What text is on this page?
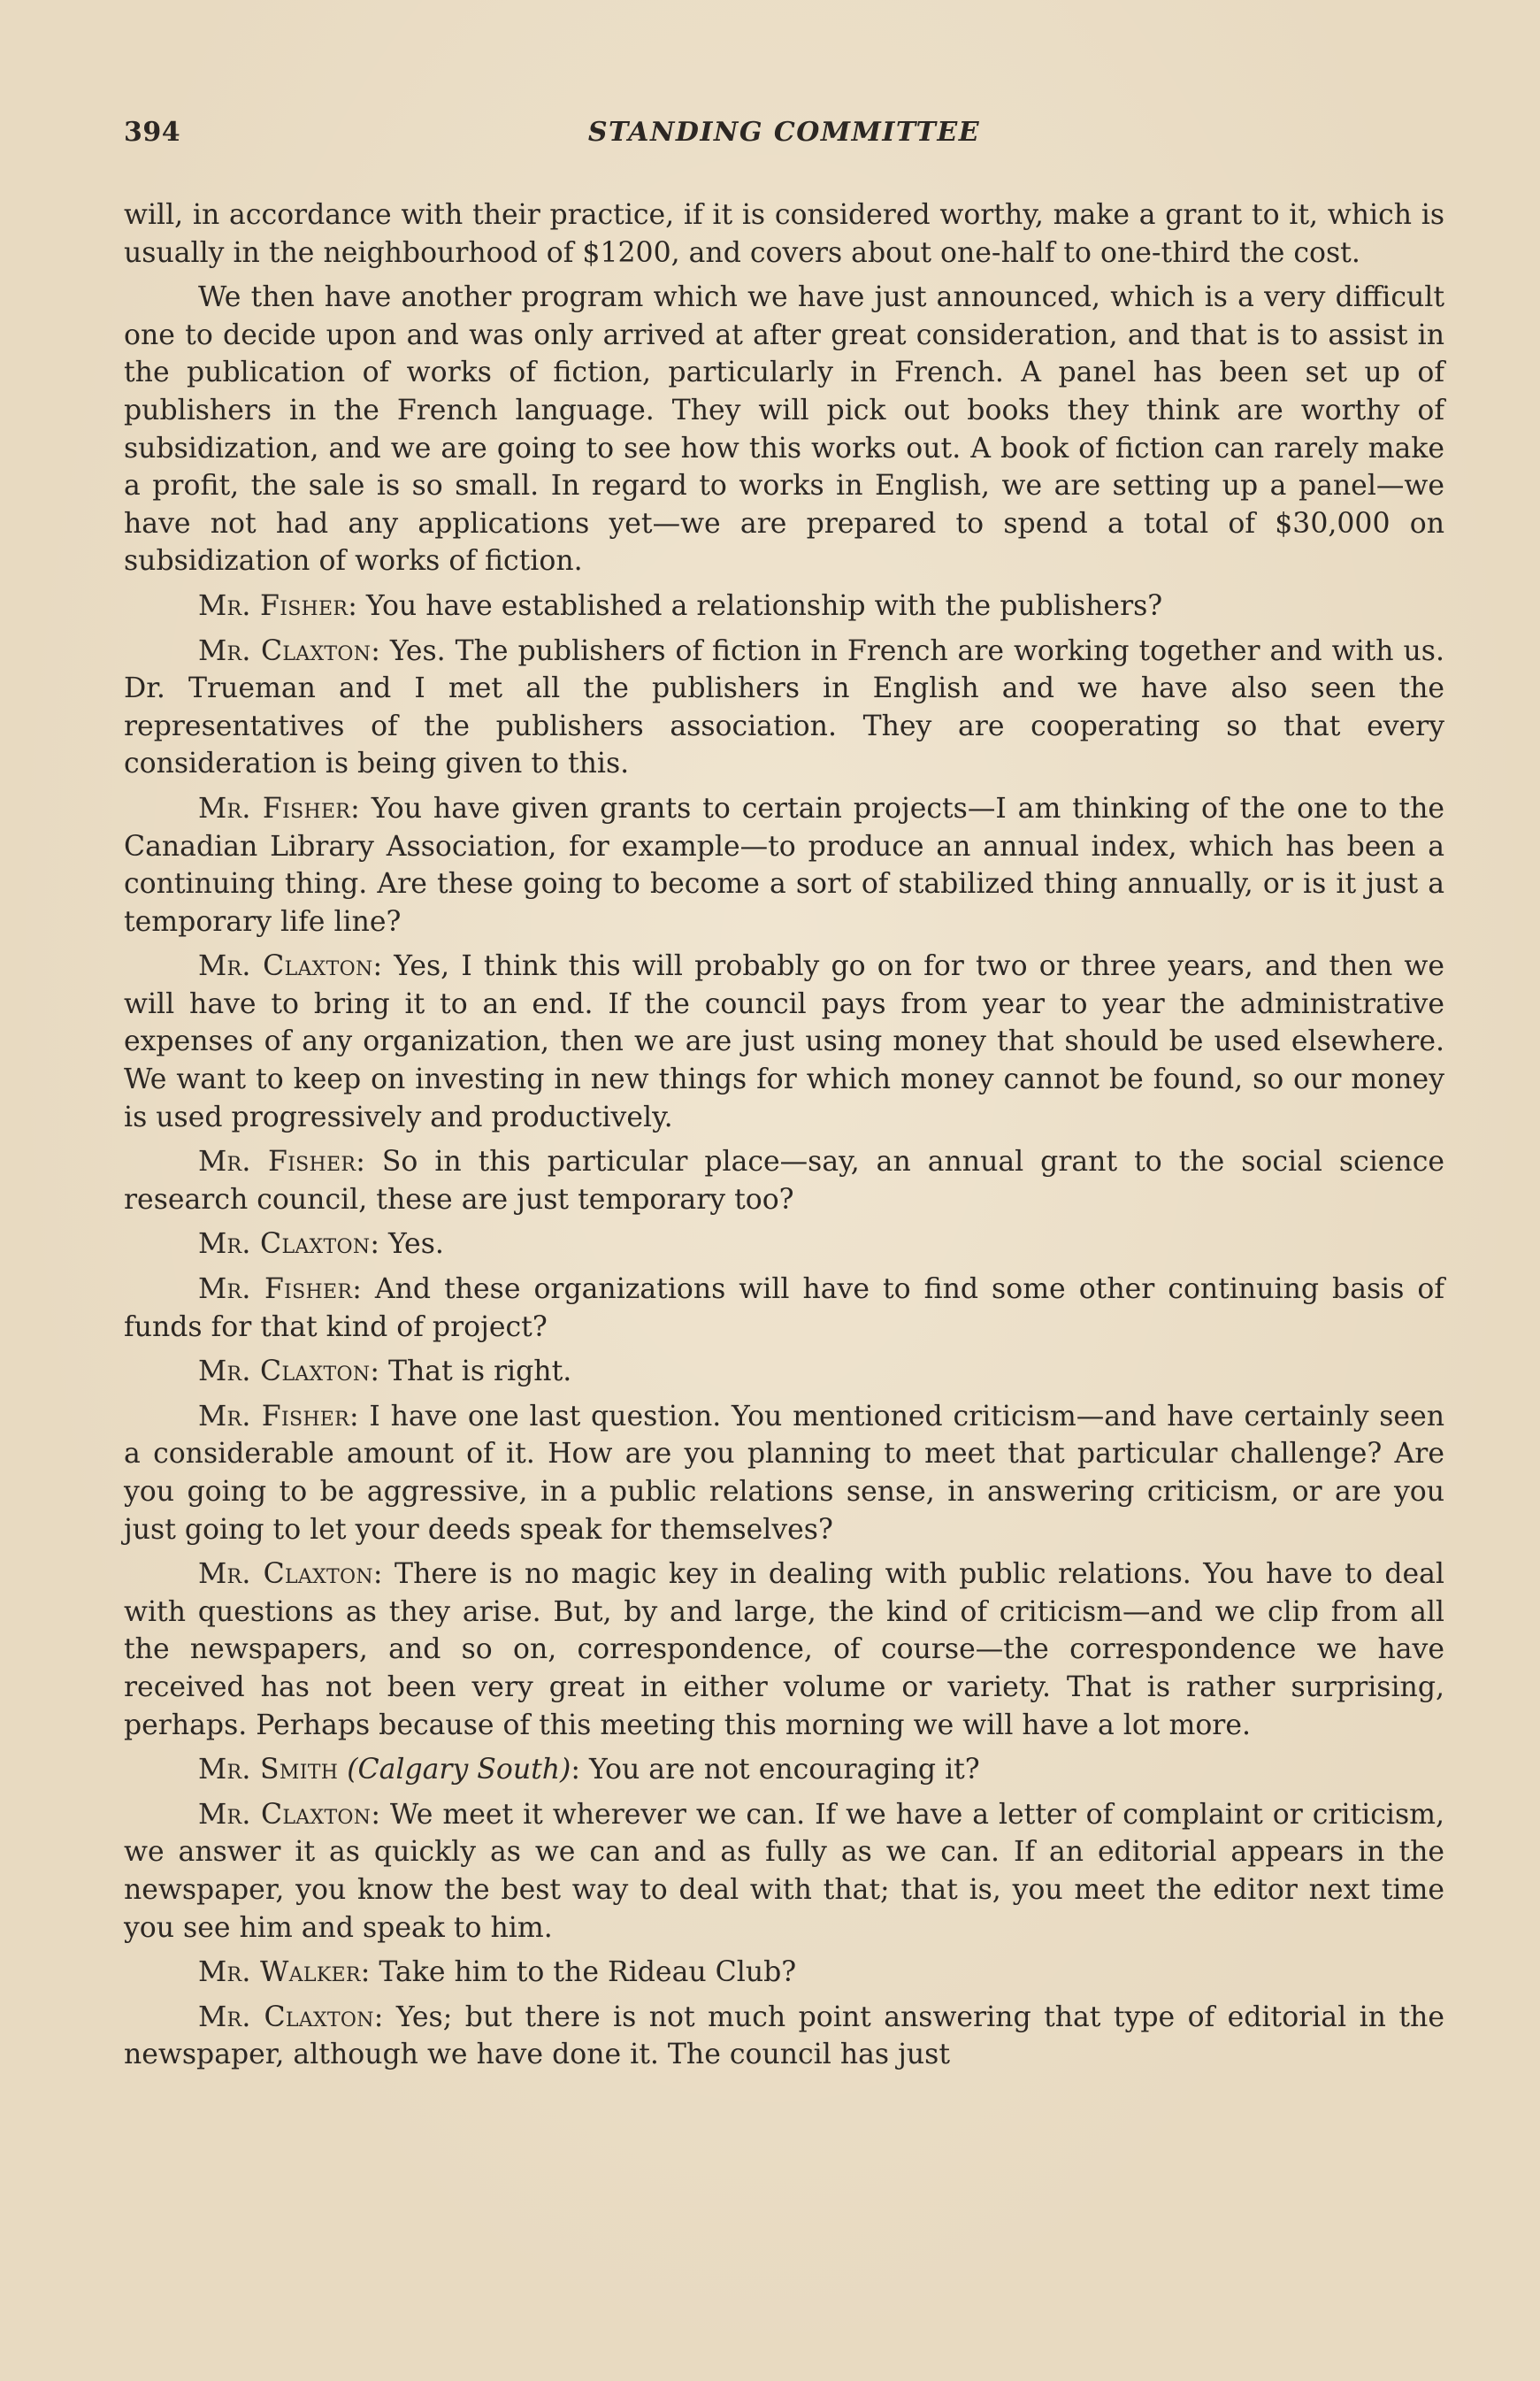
394	STANDING COMMITTEE

will, in accordance with their practice, if it is considered worthy, make a grant to it, which is usually in the neighbourhood of $1200, and covers about one-half to one-third the cost.

We then have another program which we have just announced, which is a very difficult one to decide upon and was only arrived at after great consideration, and that is to assist in the publication of works of fiction, particularly in French. A panel has been set up of publishers in the French language. They will pick out books they think are worthy of subsidization, and we are going to see how this works out. A book of fiction can rarely make a profit, the sale is so small. In regard to works in English, we are setting up a panel—we have not had any applications yet—we are prepared to spend a total of $30,000 on subsidization of works of fiction.

Mr. Fisher: You have established a relationship with the publishers?

Mr. Claxton: Yes. The publishers of fiction in French are working together and with us. Dr. Trueman and I met all the publishers in English and we have also seen the representatives of the publishers association. They are cooperating so that every consideration is being given to this.

Mr. Fisher: You have given grants to certain projects—I am thinking of the one to the Canadian Library Association, for example—to produce an annual index, which has been a continuing thing. Are these going to become a sort of stabilized thing annually, or is it just a temporary life line?

Mr. Claxton: Yes, I think this will probably go on for two or three years, and then we will have to bring it to an end. If the council pays from year to year the administrative expenses of any organization, then we are just using money that should be used elsewhere. We want to keep on investing in new things for which money cannot be found, so our money is used progressively and productively.

Mr. Fisher: So in this particular place—say, an annual grant to the social science research council, these are just temporary too?

Mr. Claxton: Yes.

Mr. Fisher: And these organizations will have to find some other continuing basis of funds for that kind of project?

Mr. Claxton: That is right.

Mr. Fisher: I have one last question. You mentioned criticism—and have certainly seen a considerable amount of it. How are you planning to meet that particular challenge? Are you going to be aggressive, in a public relations sense, in answering criticism, or are you just going to let your deeds speak for themselves?

Mr. Claxton: There is no magic key in dealing with public relations. You have to deal with questions as they arise. But, by and large, the kind of criticism—and we clip from all the newspapers, and so on, correspondence, of course—the correspondence we have received has not been very great in either volume or variety. That is rather surprising, perhaps. Perhaps because of this meeting this morning we will have a lot more.

Mr. Smith (Calgary South): You are not encouraging it?

Mr. Claxton: We meet it wherever we can. If we have a letter of complaint or criticism, we answer it as quickly as we can and as fully as we can. If an editorial appears in the newspaper, you know the best way to deal with that; that is, you meet the editor next time you see him and speak to him.

Mr. Walker: Take him to the Rideau Club?

Mr. Claxton: Yes; but there is not much point answering that type of editorial in the newspaper, although we have done it. The council has just
